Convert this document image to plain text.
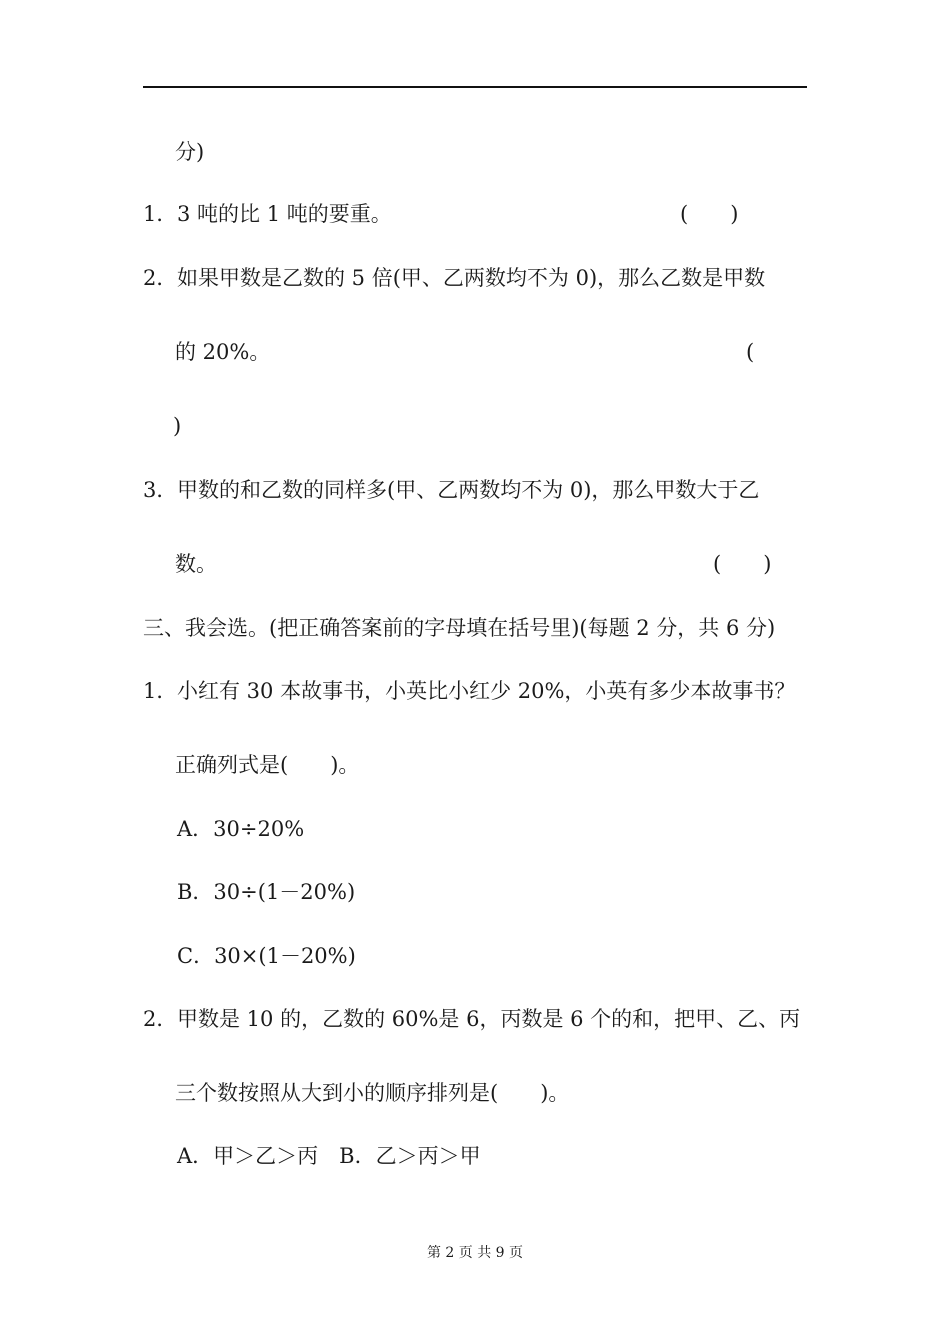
分)
1． 3 吨的比 1 吨的要重。	(　　)
2． 如果甲数是乙数的 5 倍(甲、乙两数均不为 0)，那么乙数是甲数
的 20%。	(
)
3． 甲数的和乙数的同样多(甲、乙两数均不为 0)，那么甲数大于乙
数。	(　　)
三、我会选。(把正确答案前的字母填在括号里)(每题 2 分，共 6 分)
1． 小红有 30 本故事书，小英比小红少 20%，小英有多少本故事书？
正确列式是(　　)。
A．30÷20%
B．30÷(1－20%)
C．30×(1－20%)
2． 甲数是 10 的，乙数的 60%是 6，丙数是 6 个的和，把甲、乙、丙
三个数按照从大到小的顺序排列是(　　)。
A．甲＞乙＞丙　B．乙＞丙＞甲
第 2 页 共 9 页
